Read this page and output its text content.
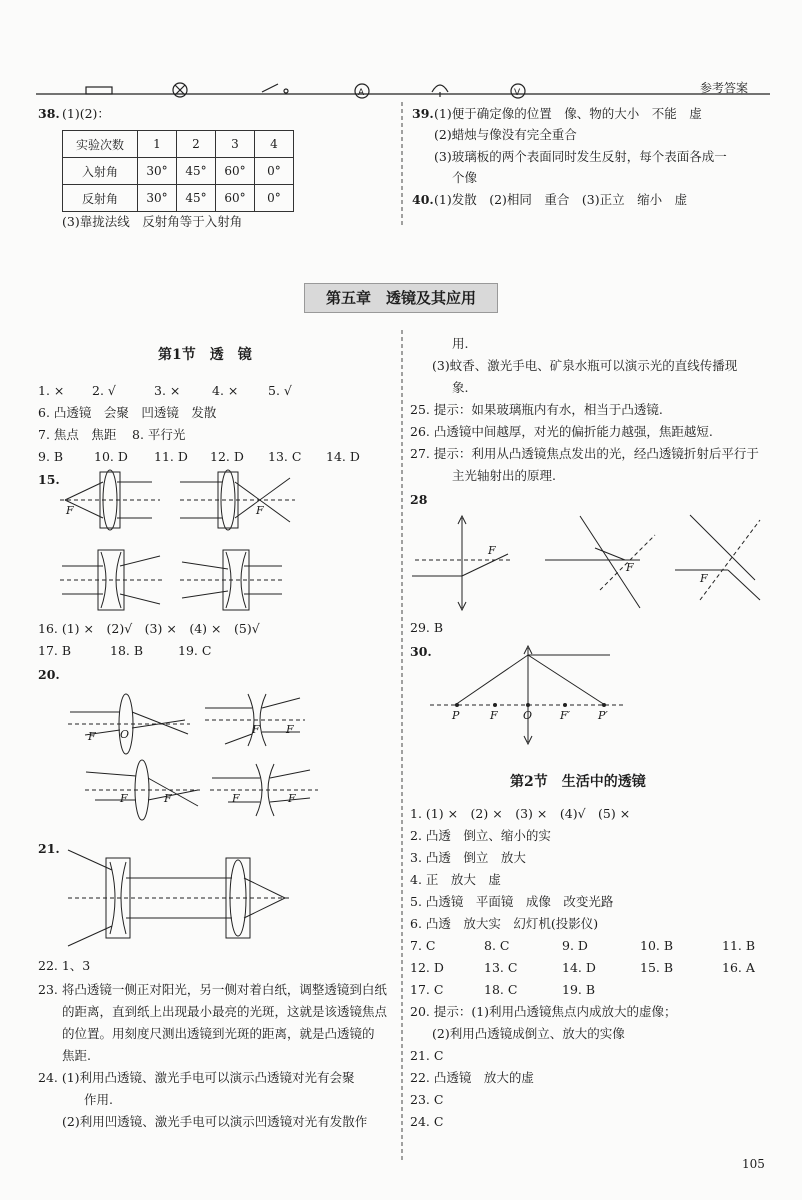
A	V	参考答案
38. (1)(2)：
实验次数	1	2	3	4
入射角	30°	45°	60°	0°
反射角	30°	45°	60°	0°
(3)靠拢法线　反射角等于入射角
39. (1)便于确定像的位置　像、物的大小　不能　虚
(2)蜡烛与像没有完全重合
(3)玻璃板的两个表面同时发生反射，每个表面各成一
个像
40. (1)发散　(2)相同　重合　(3)正立　缩小　虚
第五章　透镜及其应用
第1节　透　镜
1. × 2. √	3. ×	4. × 5. √
6. 凸透镜　会聚　凹透镜　发散
7. 焦点　焦距 8. 平行光
9. B 10. D 11. D 12. D 13. C 14. D
15.
F	F
16. (1) ×　(2)√　(3) ×　(4) ×　(5)√
17. B	18. B	19. C
20.
F O	F F
F	F	F	F
21.
22. 1、3
23. 将凸透镜一侧正对阳光，另一侧对着白纸，调整透镜到白纸
的距离，直到纸上出现最小最亮的光斑，这就是该透镜焦点
的位置。用刻度尺测出透镜到光斑的距离，就是凸透镜的
焦距.
24. (1)利用凸透镜、激光手电可以演示凸透镜对光有会聚
作用.
(2)利用凹透镜、激光手电可以演示凹透镜对光有发散作
用.
(3)蚊香、激光手电、矿泉水瓶可以演示光的直线传播现
象.
25. 提示：如果玻璃瓶内有水，相当于凸透镜.
26. 凸透镜中间越厚，对光的偏折能力越强，焦距越短.
27. 提示：利用从凸透镜焦点发出的光，经凸透镜折射后平行于
主光轴射出的原理.
28
F
F
F
29. B
30.
P	F O	F′	P′
第2节　生活中的透镜
1. (1) ×　(2) ×　(3) ×　(4)√　(5) ×
2. 凸透　倒立、缩小的实
3. 凸透　倒立　放大
4. 正　放大　虚
5. 凸透镜　平面镜　成像　改变光路
6. 凸透　放大实　幻灯机(投影仪)
7. C	8. C	9. D	10. B	11. B
12. D	13. C	14. D	15. B	16. A
17. C	18. C	19. B
20. 提示：(1)利用凸透镜焦点内成放大的虚像；
(2)利用凸透镜成倒立、放大的实像
21. C
22. 凸透镜　放大的虚
23. C
24. C
105
